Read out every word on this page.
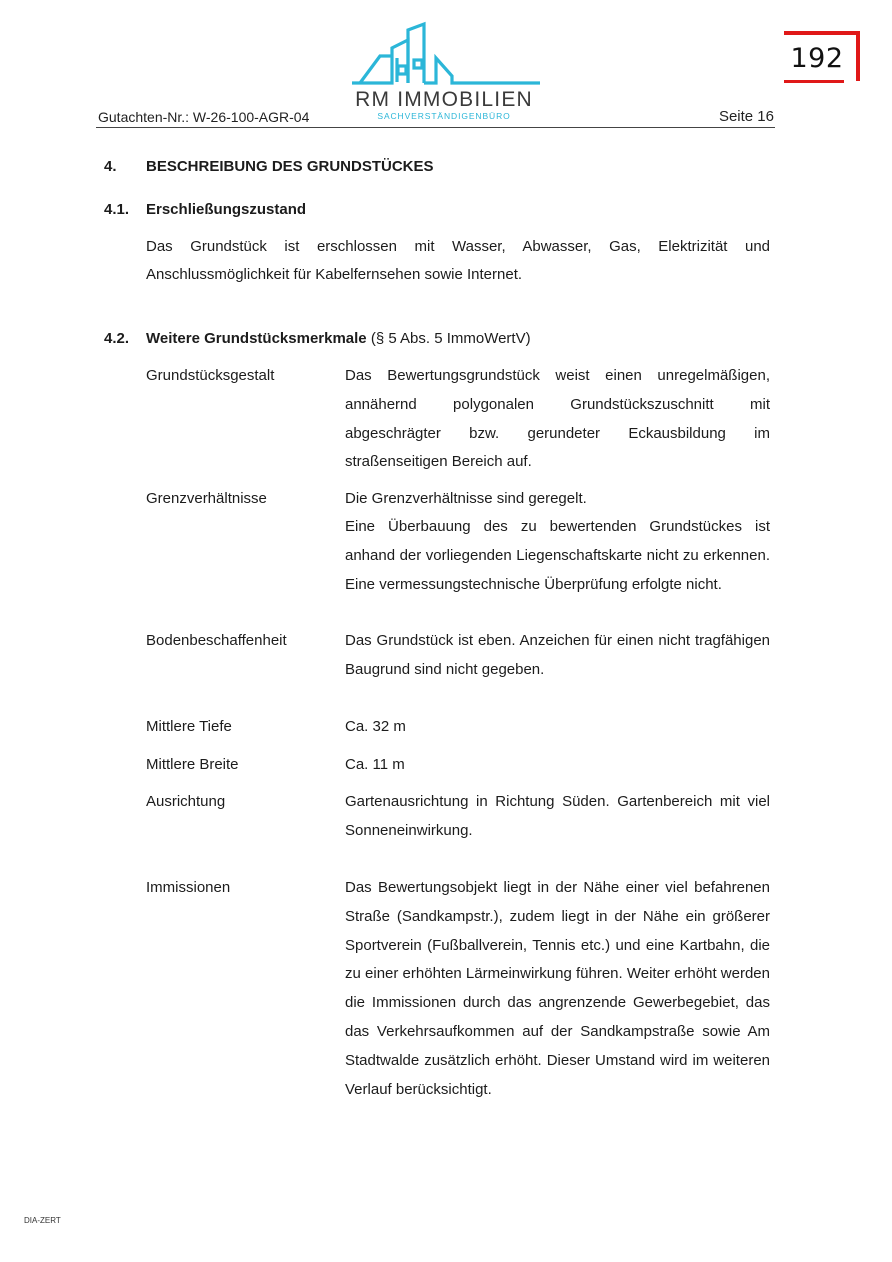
192
RM IMMOBILIEN
SACHVERSTÄNDIGENBÜRO
Gutachten-Nr.: W-26-100-AGR-04	Seite 16
4. BESCHREIBUNG DES GRUNDSTÜCKES
4.1. Erschließungszustand

Das Grundstück ist erschlossen mit Wasser, Abwasser, Gas, Elektrizität und Anschlussmöglichkeit für Kabelfernsehen sowie Internet.

4.2. Weitere Grundstücksmerkmale (§ 5 Abs. 5 ImmoWertV)
Grundstücksgestalt	Das Bewertungsgrundstück weist einen unregelmäßigen, annähernd polygonalen Grundstückszuschnitt mit abgeschrägter bzw. gerundeter Eckausbildung im straßenseitigen Bereich auf.

Grenzverhältnisse	Die Grenzverhältnisse sind geregelt.

Eine Überbauung des zu bewertenden Grundstückes ist anhand der vorliegenden Liegenschaftskarte nicht zu erkennen. Eine vermessungstechnische Überprüfung erfolgte nicht.

Bodenbeschaffenheit	Das Grundstück ist eben. Anzeichen für einen nicht tragfähigen Baugrund sind nicht gegeben.

Mittlere Tiefe	Ca. 32 m

Mittlere Breite	Ca. 11 m

Ausrichtung	Gartenausrichtung in Richtung Süden. Gartenbereich mit viel Sonneneinwirkung.

Immissionen	Das Bewertungsobjekt liegt in der Nähe einer viel befahrenen Straße (Sandkampstr.), zudem liegt in der Nähe ein größerer Sportverein (Fußballverein, Tennis etc.) und eine Kartbahn, die zu einer erhöhten Lärmeinwirkung führen. Weiter erhöht werden die Immissionen durch das angrenzende Gewerbegebiet, das das Verkehrsaufkommen auf der Sandkampstraße sowie Am Stadtwalde zusätzlich erhöht. Dieser Umstand wird im weiteren Verlauf berücksichtigt.

DIA-ZERT
